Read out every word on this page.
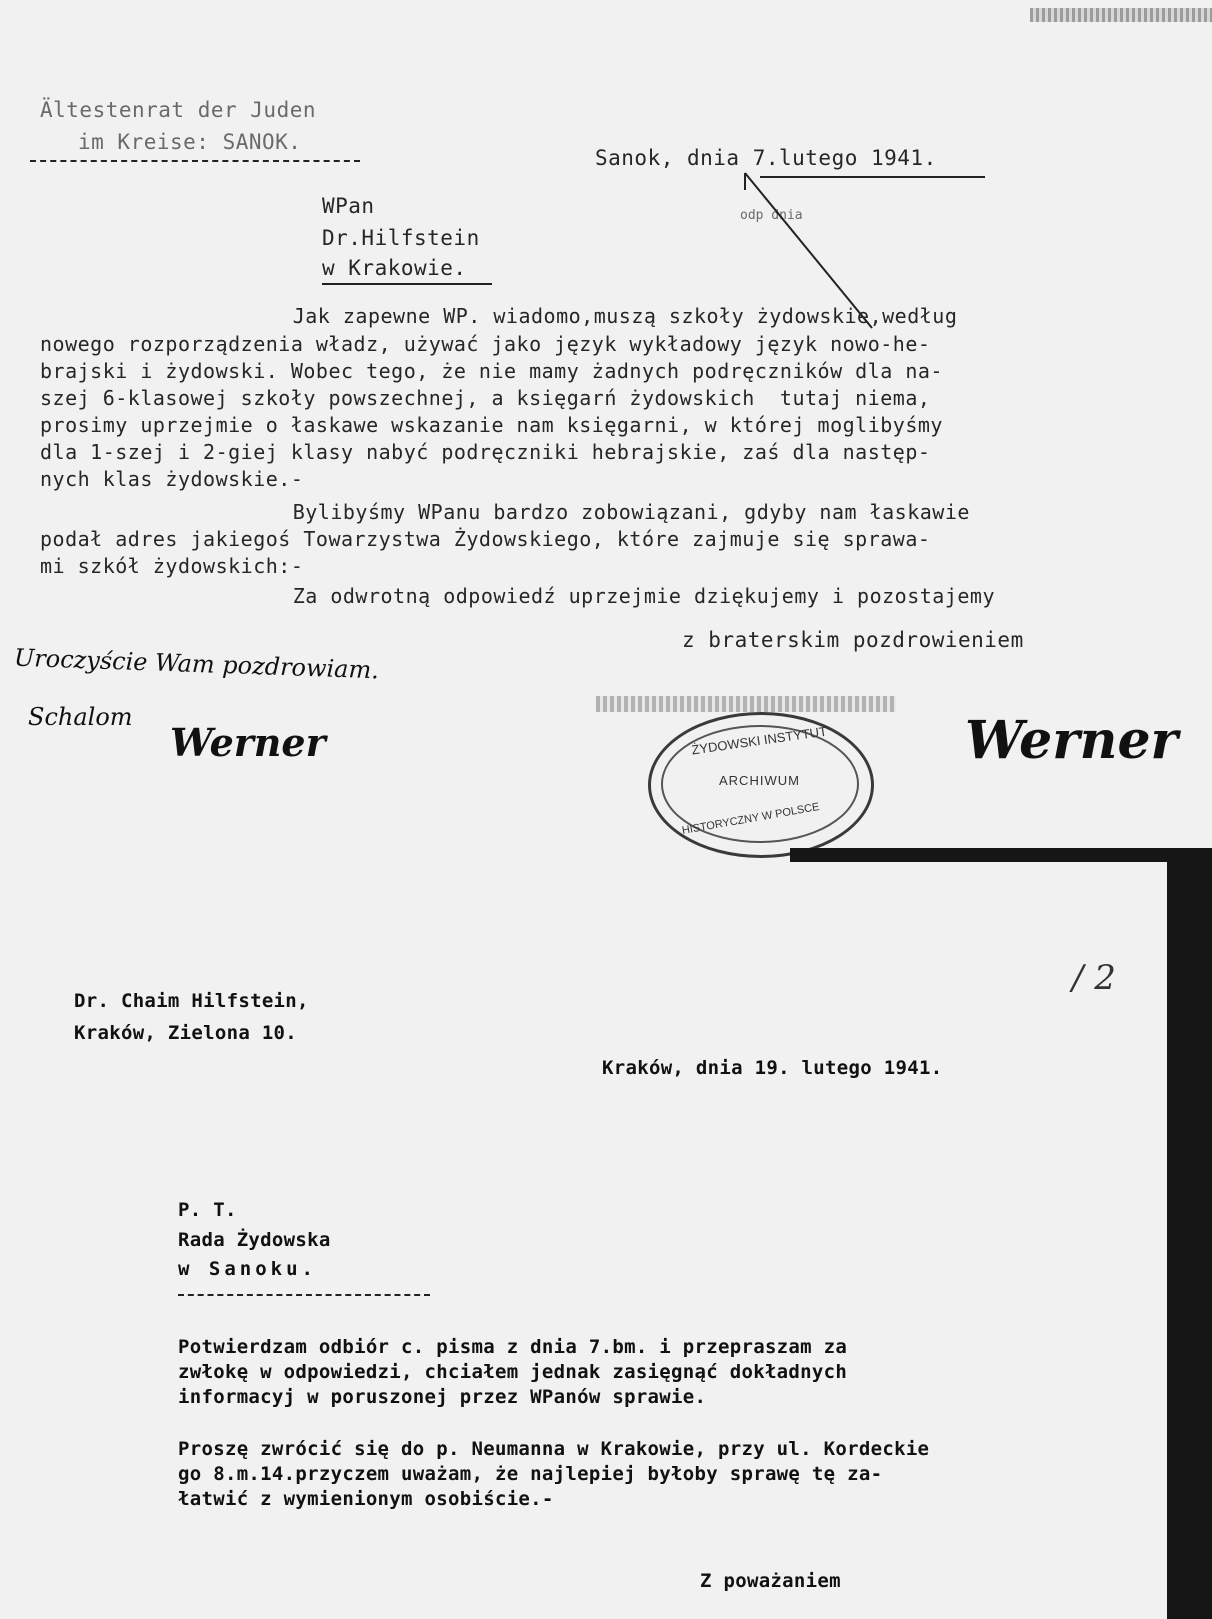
Ältestenrat der Juden
im Kreise: SANOK.
Sanok, dnia 7.lutego 1941.
odp dnia
WPan
Dr.Hilfstein
w Krakowie.
Jak zapewne WP. wiadomo,muszą szkoły żydowskie,według
nowego rozporządzenia władz, używać jako język wykładowy język nowo-he-
brajski i żydowski. Wobec tego, że nie mamy żadnych podręczników dla na-
szej 6-klasowej szkoły powszechnej, a księgarń żydowskich  tutaj niema,
prosimy uprzejmie o łaskawe wskazanie nam księgarni, w której moglibyśmy
dla 1-szej i 2-giej klasy nabyć podręczniki hebrajskie, zaś dla następ-
nych klas żydowskie.-
Bylibyśmy WPanu bardzo zobowiązani, gdyby nam łaskawie
podał adres jakiegoś Towarzystwa Żydowskiego, które zajmuje się sprawa-
mi szkół żydowskich:-
Za odwrotną odpowiedź uprzejmie dziękujemy i pozostajemy
z braterskim pozdrowieniem
Uroczyście Wam pozdrowiam.
Schalom
Werner	Werner
ŻYDOWSKI INSTYTUT
ARCHIWUM
HISTORYCZNY W POLSCE
Dr. Chaim Hilfstein,
Kraków, Zielona 10.
Kraków, dnia 19. lutego 1941.
P. T.
Rada Żydowska
w Sanoku.
Potwierdzam odbiór c. pisma z dnia 7.bm. i przepraszam za
zwłokę w odpowiedzi, chciałem jednak zasięgnąć dokładnych
informacyj w poruszonej przez WPanów sprawie.
Proszę zwrócić się do p. Neumanna w Krakowie, przy ul. Kordeckie
go 8.m.14.przyczem uważam, że najlepiej byłoby sprawę tę za-
łatwić z wymienionym osobiście.-
Z poważaniem
/ 2
